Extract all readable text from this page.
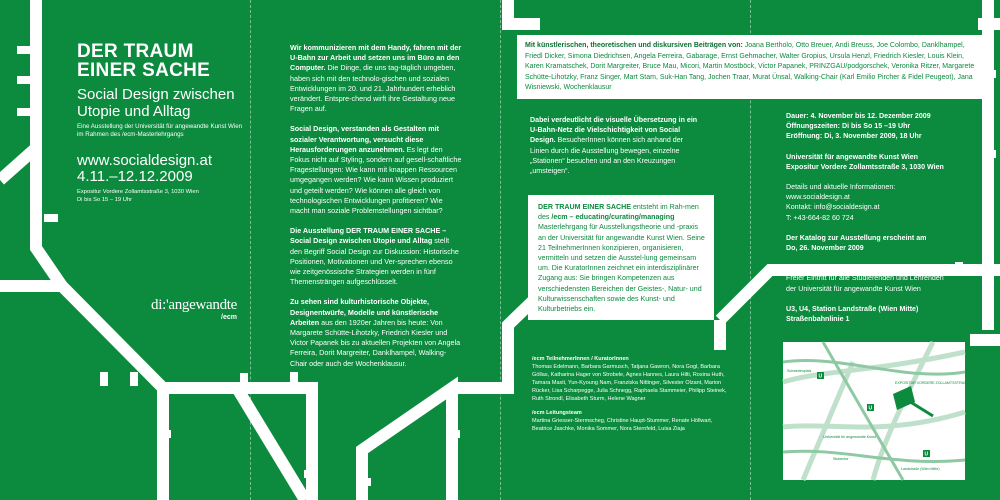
DER TRAUM
EINER SACHE
Social Design zwischen
Utopie und Alltag
Eine Ausstellung der Universität für angewandte Kunst Wien
im Rahmen des /ecm-Masterlehrgangs
www.socialdesign.at
4.11.–12.12.2009
Expositur Vordere Zollamtsstraße 3, 1030 Wien
Di bis So 15 – 19 Uhr
di:'angewandte
/ecm

Wir kommunizieren mit dem Handy, fahren mit der U-Bahn zur Arbeit und setzen uns im Büro an den Computer. Die Dinge, die uns tag-täglich umgeben, haben sich mit den technolo-gischen und sozialen Entwicklungen im 20. und 21. Jahrhundert erheblich verändert. Entspre-chend wirft ihre Gestaltung neue Fragen auf.

Social Design, verstanden als Gestalten mit sozialer Verantwortung, versucht diese Herausforderungen anzunehmen. Es legt den Fokus nicht auf Styling, sondern auf gesell-schaftliche Fragestellungen: Wie kann mit knappen Ressourcen umgegangen werden? Wie kann Wissen produziert und geteilt werden? Wie können alle gleich von technologischen Entwicklungen profitieren? Wie macht man soziale Problemstellungen sichtbar?

Die Ausstellung DER TRAUM EINER SACHE – Social Design zwischen Utopie und Alltag stellt den Begriff Social Design zur Diskussion: Historische Positionen, Motivationen und Ver-sprechen ebenso wie zeitgenössische Strategien werden in fünf Themensträngen aufgeschlüsselt.

Zu sehen sind kulturhistorische Objekte, Designentwürfe, Modelle und künstlerische Arbeiten aus den 1920er Jahren bis heute: Von Margarete Schütte-Lihotzky, Friedrich Kiesler und Victor Papanek bis zu aktuellen Projekten von Angela Ferreira, Dorit Margreiter, Danklhampel, Walking-Chair oder auch der Wochenklausur.

Mit künstlerischen, theoretischen und diskursiven Beiträgen von: Joana Bertholo, Otto Breuer, Andi Breuss, Joe Colombo, Danklhampel, Friedl Dicker, Simona Diedrichsen, Angela Ferreira, Gabarage, Ernst Gehmacher, Walter Gropius, Ursula Henzl, Friedrich Kiesler, Louis Klein, Karen Kramatschek, Dorit Margreiter, Bruce Mau, Micori, Martin Mostböck, Victor Papanek, PRINZGAU/podgorschek, Veronika Ritzer, Margarete Schütte-Lihotzky, Franz Singer, Mart Stam, Suk-Han Tang, Jochen Traar, Murat Ünsal, Walking-Chair (Karl Emilio Pircher & Fidel Peugeot), Jana Wisniewski, Wochenklausur

Dabei verdeutlicht die visuelle Übersetzung in ein U-Bahn-Netz die Vielschichtigkeit von Social Design. BesucherInnen können sich anhand der Linien durch die Ausstellung bewegen, einzelne „Stationen“ besuchen und an den Kreuzungen „umsteigen“.

DER TRAUM EINER SACHE entsteht im Rah-men des /ecm – educating/curating/managing Masterlehrgang für Ausstellungstheorie und -praxis an der Universität für angewandte Kunst Wien. Seine 21 TeilnehmerInnen konzipieren, organisieren, vermitteln und setzen die Ausstel-lung gemeinsam um. Die KuratorInnen zeichnet ein interdisziplinärer Zugang aus: Sie bringen Kompetenzen aus verschiedensten Bereichen der Geistes-, Natur- und Kulturwissenschaften sowie des Kunst- und Kulturbetriebs ein.

/ecm TeilnehmerInnen / KuratorInnen

Thomas Edelmann, Barbara Garmusch, Tatjana Gawron, Nora Gogl, Barbara Göllas, Katharina Hager von Strobele, Agnes Hannes, Laura Hilti, Rosina Huth, Tamara Maxit, Yun-Kyoung Nam, Franziska Nittinger, Silvester Olzant, Marion Rücker, Lisa Scharpegge, Julia Schnegg, Raphaela Stammeier, Philipp Steinek, Ruth Strondl, Elisabeth Sturm, Helene Wagner

/ecm Leitungsteam

Martina Griesser-Stermscheg, Christine Haupt-Stummer, Renate Höllwart, Beatrice Jaschke, Monika Sommer, Nora Sternfeld, Luisa Ziaja

Dauer: 4. November bis 12. Dezember 2009
Öffnungszeiten: Di bis So 15 –19 Uhr
Eröffnung: Di, 3. November 2009, 18 Uhr

Universität für angewandte Kunst Wien
Expositur Vordere Zollamtsstraße 3, 1030 Wien

Details und aktuelle Informationen:
www.socialdesign.at
Kontakt: info@socialdesign.at
T: +43-664-82 60 724

Der Katalog zur Ausstellung erscheint am
Do, 26. November 2009

Eintritt: Euro 4,- / Euro 2,- (ermäßigt)
Freier Eintritt für alle Studierenden und Lehrenden
der Universität für angewandte Kunst Wien

U3, U4, Station Landstraße (Wien Mitte)
Straßenbahnlinie 1

U
U
U
Schwedenplatz
EXPOSITUR VORDERE ZOLLAMTSSTRASSE 3
Universität für angewandte Kunst
Landstraße (Wien Mitte)
Stubentor
